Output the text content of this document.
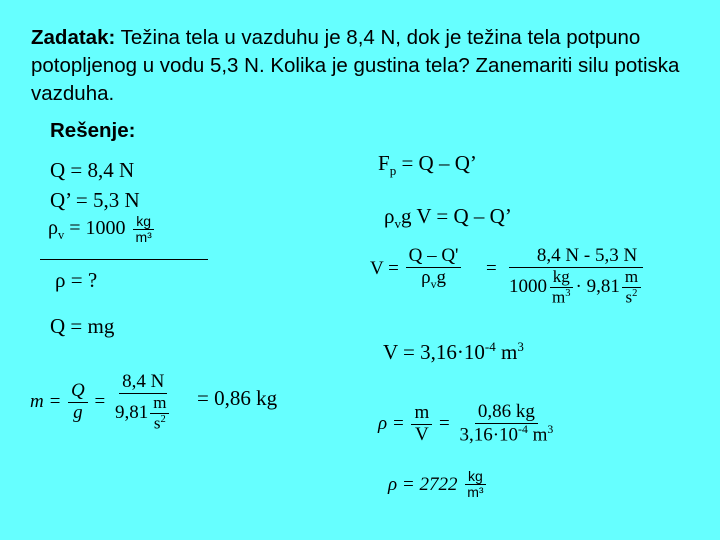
Zadatak: Težina tela u vazduhu je 8,4 N, dok je težina tela potpuno potopljenog u vodu 5,3 N. Kolika je gustina tela? Zanemariti silu potiska vazduha.
Rešenje:
Q = 8,4 N
Q’ = 5,3 N
$\rho_v = 1000 \frac{kg}{\text{m³}}$
ρ = ?
Q = mg
$m = \frac{Q}{g} = \frac{8,4 N}{9,81 \frac{m}{s^2}} = 0,86$ kg
$F_p = Q - Q$’
$\rho_vg$ V = Q – Q’
$V = \frac{Q - Q'}{\rho_vg} = \frac{8,4 N - 5,3 N}{1000 \frac{kg}{m^3} \cdot 9,81 \frac{m}{s^2}}$
$V = 3,16\cdot 10^{-4}$ $m^3$
$\rho = \frac{m}{V} = \frac{0,86 kg}{3,16\cdot 10^{-4} m^3}$
$\rho = 2722 \frac{kg}{\text{m³}}$
